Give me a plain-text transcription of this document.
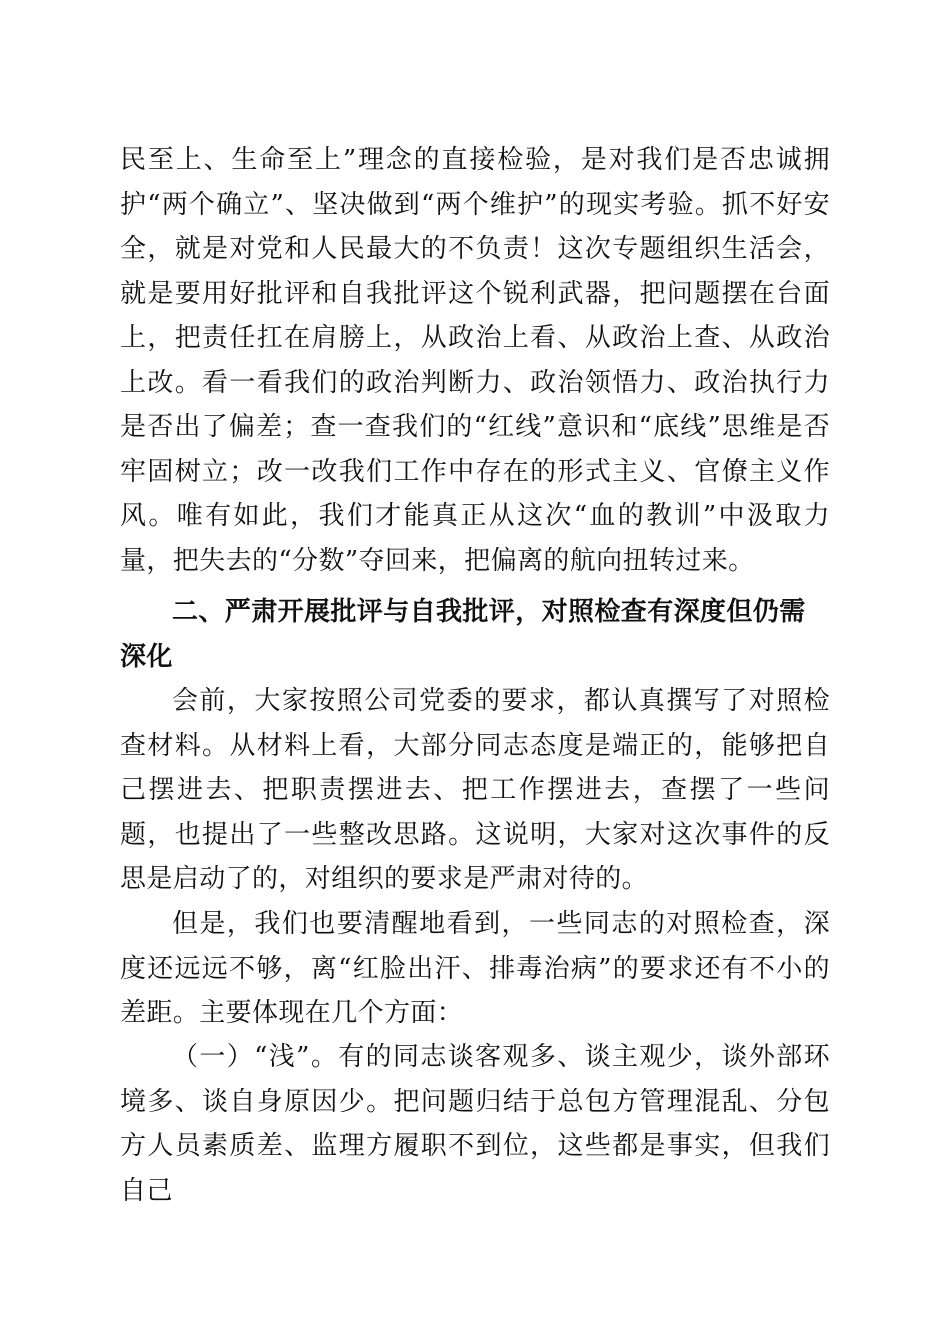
民至上、生命至上”理念的直接检验，是对我们是否忠诚拥护“两个确立”、坚决做到“两个维护”的现实考验。抓不好安全，就是对党和人民最大的不负责！这次专题组织生活会，就是要用好批评和自我批评这个锐利武器，把问题摆在台面上，把责任扛在肩膀上，从政治上看、从政治上查、从政治上改。看一看我们的政治判断力、政治领悟力、政治执行力是否出了偏差；查一查我们的“红线”意识和“底线”思维是否牢固树立；改一改我们工作中存在的形式主义、官僚主义作风。唯有如此，我们才能真正从这次“血的教训”中汲取力量，把失去的“分数”夺回来，把偏离的航向扭转过来。

二、严肃开展批评与自我批评，对照检查有深度但仍需深化

会前，大家按照公司党委的要求，都认真撰写了对照检查材料。从材料上看，大部分同志态度是端正的，能够把自己摆进去、把职责摆进去、把工作摆进去，查摆了一些问题，也提出了一些整改思路。这说明，大家对这次事件的反思是启动了的，对组织的要求是严肃对待的。

但是，我们也要清醒地看到，一些同志的对照检查，深度还远远不够，离“红脸出汗、排毒治病”的要求还有不小的差距。主要体现在几个方面：

（一）“浅”。有的同志谈客观多、谈主观少，谈外部环境多、谈自身原因少。把问题归结于总包方管理混乱、分包方人员素质差、监理方履职不到位，这些都是事实，但我们自己
